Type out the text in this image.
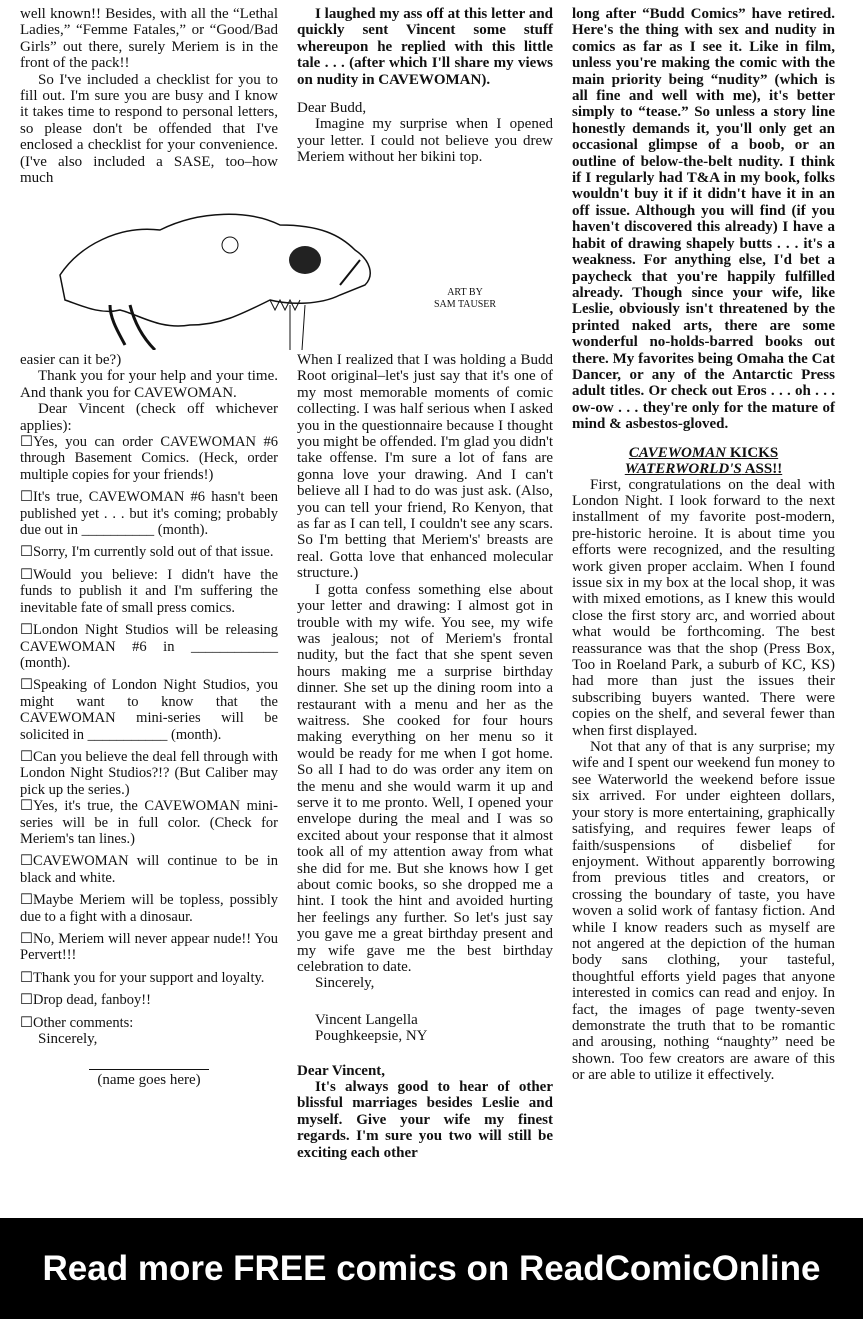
well known!! Besides, with all the “Lethal Ladies,” “Femme Fatales,” or “Good/Bad Girls” out there, surely Meriem is in the front of the pack!!

So I've included a checklist for you to fill out. I'm sure you are busy and I know it takes time to respond to personal letters, so please don't be offended that I've enclosed a checklist for your convenience. (I've also included a SASE, too–how much

I laughed my ass off at this letter and quickly sent Vincent some stuff whereupon he replied with this little tale . . . (after which I'll share my views on nudity in CAVEWOMAN).

Dear Budd,

Imagine my surprise when I opened your letter. I could not believe you drew Meriem without her bikini top.

ART BY
SAM TAUSER

easier can it be?)

Thank you for your help and your time. And thank you for CAVEWOMAN.

Dear Vincent (check off whichever applies):

☐ Yes, you can order CAVEWOMAN #6 through Basement Comics. (Heck, order multiple copies for your friends!)

☐ It's true, CAVEWOMAN #6 hasn't been published yet . . . but it's coming; probably due out in __________ (month).

☐ Sorry, I'm currently sold out of that issue.

☐ Would you believe: I didn't have the funds to publish it and I'm suffering the inevitable fate of small press comics.

☐ London Night Studios will be releasing CAVEWOMAN #6 in ____________ (month).

☐ Speaking of London Night Studios, you might want to know that the CAVEWOMAN mini-series will be solicited in ___________ (month).

☐ Can you believe the deal fell through with London Night Studios?!? (But Caliber may pick up the series.)

☐ Yes, it's true, the CAVEWOMAN mini-series will be in full color. (Check for Meriem's tan lines.)

☐ CAVEWOMAN will continue to be in black and white.

☐ Maybe Meriem will be topless, possibly due to a fight with a dinosaur.

☐ No, Meriem will never appear nude!! You Pervert!!!

☐ Thank you for your support and loyalty.

☐ Drop dead, fanboy!!

☐ Other comments:

Sincerely,

(name goes here)

When I realized that I was holding a Budd Root original–let's just say that it's one of my most memorable moments of comic collecting. I was half serious when I asked you in the questionnaire because I thought you might be offended. I'm glad you didn't take offense. I'm sure a lot of fans are gonna love your drawing. And I can't believe all I had to do was just ask. (Also, you can tell your friend, Ro Kenyon, that as far as I can tell, I couldn't see any scars. So I'm betting that Meriem's' breasts are real. Gotta love that enhanced molecular structure.)

I gotta confess something else about your letter and drawing: I almost got in trouble with my wife. You see, my wife was jealous; not of Meriem's frontal nudity, but the fact that she spent seven hours making me a surprise birthday dinner. She set up the dining room into a restaurant with a menu and her as the waitress. She cooked for four hours making everything on her menu so it would be ready for me when I got home. So all I had to do was order any item on the menu and she would warm it up and serve it to me pronto. Well, I opened your envelope during the meal and I was so excited about your response that it almost took all of my attention away from what she did for me. But she knows how I get about comic books, so she dropped me a hint. I took the hint and avoided hurting her feelings any further. So let's just say you gave me a great birthday present and my wife gave me the best birthday celebration to date.

Sincerely,

Vincent Langella

Poughkeepsie, NY

Dear Vincent,

It's always good to hear of other blissful marriages besides Leslie and myself. Give your wife my finest regards. I'm sure you two will still be exciting each other

long after “Budd Comics” have retired. Here's the thing with sex and nudity in comics as far as I see it. Like in film, unless you're making the comic with the main priority being “nudity” (which is all fine and well with me), it's better simply to “tease.” So unless a story line honestly demands it, you'll only get an occasional glimpse of a boob, or an outline of below-the-belt nudity. I think if I regularly had T&A in my book, folks wouldn't buy it if it didn't have it in an off issue. Although you will find (if you haven't discovered this already) I have a habit of drawing shapely butts . . . it's a weakness. For anything else, I'd bet a paycheck that you're happily fulfilled already. Though since your wife, like Leslie, obviously isn't threatened by the printed naked arts, there are some wonderful no-holds-barred books out there. My favorites being Omaha the Cat Dancer, or any of the Antarctic Press adult titles. Or check out Eros . . . oh . . . ow-ow . . . they're only for the mature of mind & asbestos-gloved.

CAVEWOMAN KICKS
WATERWORLD'S ASS!!

First, congratulations on the deal with London Night. I look forward to the next installment of my favorite post-modern, pre-historic heroine. It is about time you efforts were recognized, and the resulting work given proper acclaim. When I found issue six in my box at the local shop, it was with mixed emotions, as I knew this would close the first story arc, and worried about what would be forthcoming. The best reassurance was that the shop (Press Box, Too in Roeland Park, a suburb of KC, KS) had more than just the issues their subscribing buyers wanted. There were copies on the shelf, and several fewer than when first displayed.

Not that any of that is any surprise; my wife and I spent our weekend fun money to see Waterworld the weekend before issue six arrived. For under eighteen dollars, your story is more entertaining, graphically satisfying, and requires fewer leaps of faith/suspensions of disbelief for enjoyment. Without apparently borrowing from previous titles and creators, or crossing the boundary of taste, you have woven a solid work of fantasy fiction. And while I know readers such as myself are not angered at the depiction of the human body sans clothing, your tasteful, thoughtful efforts yield pages that anyone interested in comics can read and enjoy. In fact, the images of page twenty-seven demonstrate the truth that to be romantic and arousing, nothing “naughty” need be shown. Too few creators are aware of this or are able to utilize it effectively.

Read more FREE comics on ReadComicOnline
